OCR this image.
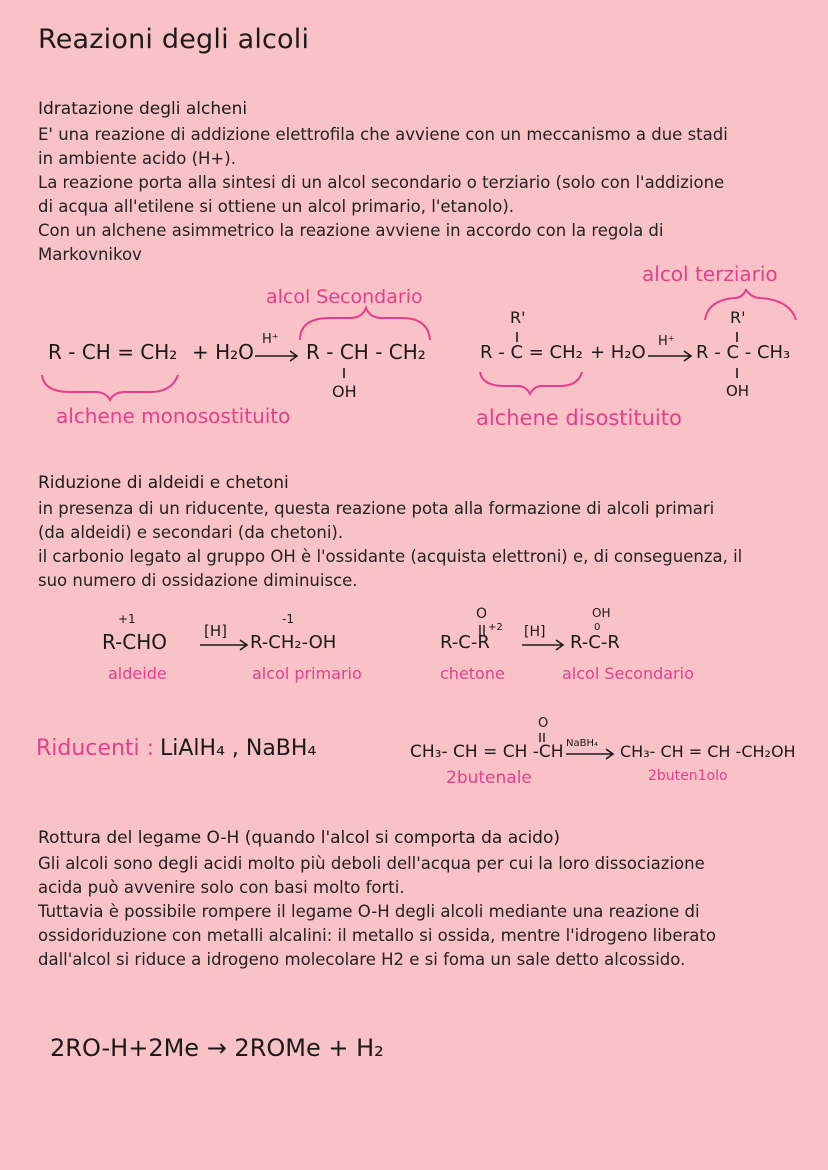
Reazioni degli alcoli
Idratazione degli alcheni

E' una reazione di addizione elettrofila che avviene con un meccanismo a due stadi

in ambiente acido (H+).

La reazione porta alla sintesi di un alcol secondario o terziario (solo con l'addizione

di acqua all'etilene si ottiene un alcol primario, l'etanolo).

Con un alchene asimmetrico la reazione avviene in accordo con la regola di

Markovnikov

alcol Secondario
R - CH = CH₂ + H₂O
H⁺
R - CH - CH₂
OH
alchene monosostituito
alcol terziario
R'
R - C = CH₂ + H₂O
H⁺
R'
R - C - CH₃
OH
alchene disostituito
Riduzione di aldeidi e chetoni

in presenza di un riducente, questa reazione pota alla formazione di alcoli primari

(da aldeidi) e secondari (da chetoni).

il carbonio legato al gruppo OH è l'ossidante (acquista elettroni) e, di conseguenza, il

suo numero di ossidazione diminuisce.

+1
R-CHO [H]
-1
R-CH₂-OH
aldeide	alcol primario
O
+2
R-C-R [H]
OH
0
R-C-R
chetone	alcol Secondario
Riducenti : LiAlH₄ , NaBH₄
O
CH₃- CH = CH -CH NaBH₄ CH₃- CH = CH -CH₂OH
2butenale	2buten1olo
Rottura del legame O-H (quando l'alcol si comporta da acido)

Gli alcoli sono degli acidi molto più deboli dell'acqua per cui la loro dissociazione

acida può avvenire solo con basi molto forti.

Tuttavia è possibile rompere il legame O-H degli alcoli mediante una reazione di

ossidoriduzione con metalli alcalini: il metallo si ossida, mentre l'idrogeno liberato

dall'alcol si riduce a idrogeno molecolare H2 e si foma un sale detto alcossido.

2RO-H+2Me → 2ROMe + H₂
